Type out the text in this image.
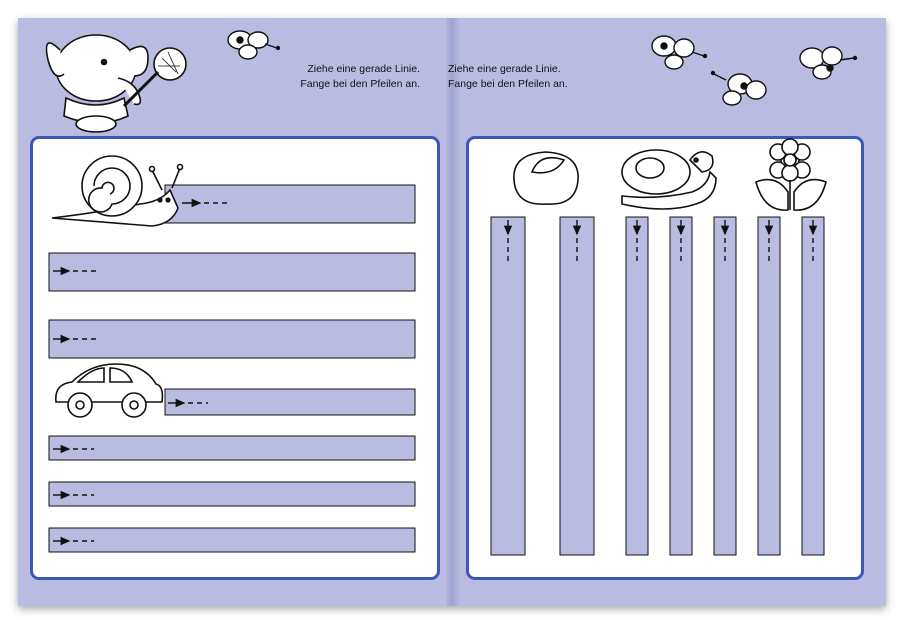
Ziehe eine gerade Linie.
Fange bei den Pfeilen an.
Ziehe eine gerade Linie.
Fange bei den Pfeilen an.
